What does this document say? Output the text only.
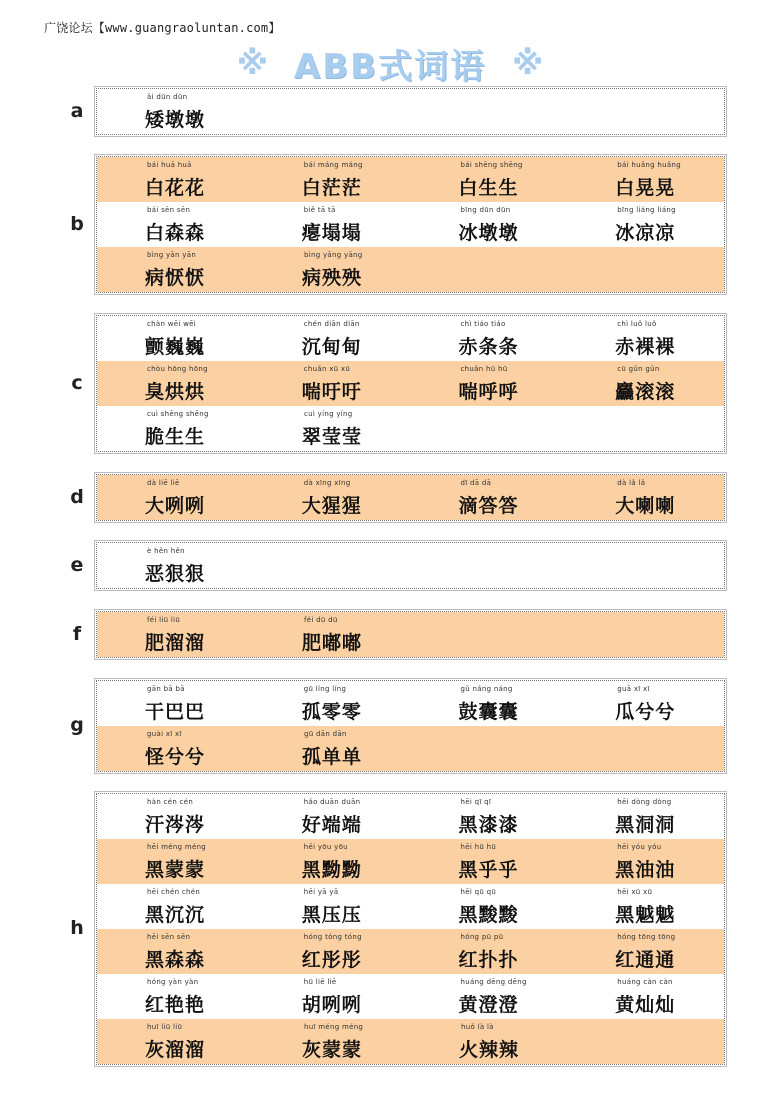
广饶论坛【www.guangraoluntan.com】
※ ABB式词语 ※
a
ǎi dūn dūn
矮墩墩
b
bái huā huā
白花花
bái máng máng
白茫茫
bái shēng shēng
白生生
bái huǎng huǎng
白晃晃
bái sēn sēn
白森森
biě tā tā
瘪塌塌
bīng dūn dūn
冰墩墩
bīng liáng liáng
冰凉凉
bìng yān yān
病恹恹
bìng yāng yāng
病殃殃
c
chàn wēi wēi
颤巍巍
chén diān diān
沉甸甸
chì tiáo tiáo
赤条条
chì luǒ luǒ
赤裸裸
chòu hōng hōng
臭烘烘
chuǎn xū xū
喘吁吁
chuǎn hū hū
喘呼呼
cū gǔn gǔn
麤滚滚
cuì shēng shēng
脆生生
cuì yíng yíng
翠莹莹
d
dà liē liē
大咧咧
dà xīng xīng
大猩猩
dī dā dā
滴答答
dà lǎ lǎ
大喇喇
e
è hěn hěn
恶狠狠
f
féi liū liū
肥溜溜
féi dū dū
肥嘟嘟
g
gān bā bā
干巴巴
gū líng líng
孤零零
gǔ náng náng
鼓囊囊
guā xī xī
瓜兮兮
guài xī xī
怪兮兮
gū dān dān
孤单单
h
hàn cén cén
汗涔涔
hǎo duān duān
好端端
hēi qī qī
黑漆漆
hēi dòng dòng
黑洞洞
hēi méng méng
黑蒙蒙
hēi yōu yōu
黑黝黝
hēi hū hū
黑乎乎
hēi yóu yóu
黑油油
hēi chén chén
黑沉沉
hēi yā yā
黑压压
hēi qū qū
黑黢黢
hēi xū xū
黑魆魆
hēi sēn sēn
黑森森
hóng tóng tóng
红彤彤
hóng pū pū
红扑扑
hóng tōng tōng
红通通
hóng yàn yàn
红艳艳
hū liē liē
胡咧咧
huáng dēng dēng
黄澄澄
huáng càn càn
黄灿灿
huī liū liū
灰溜溜
huī méng méng
灰蒙蒙
huǒ là là
火辣辣
